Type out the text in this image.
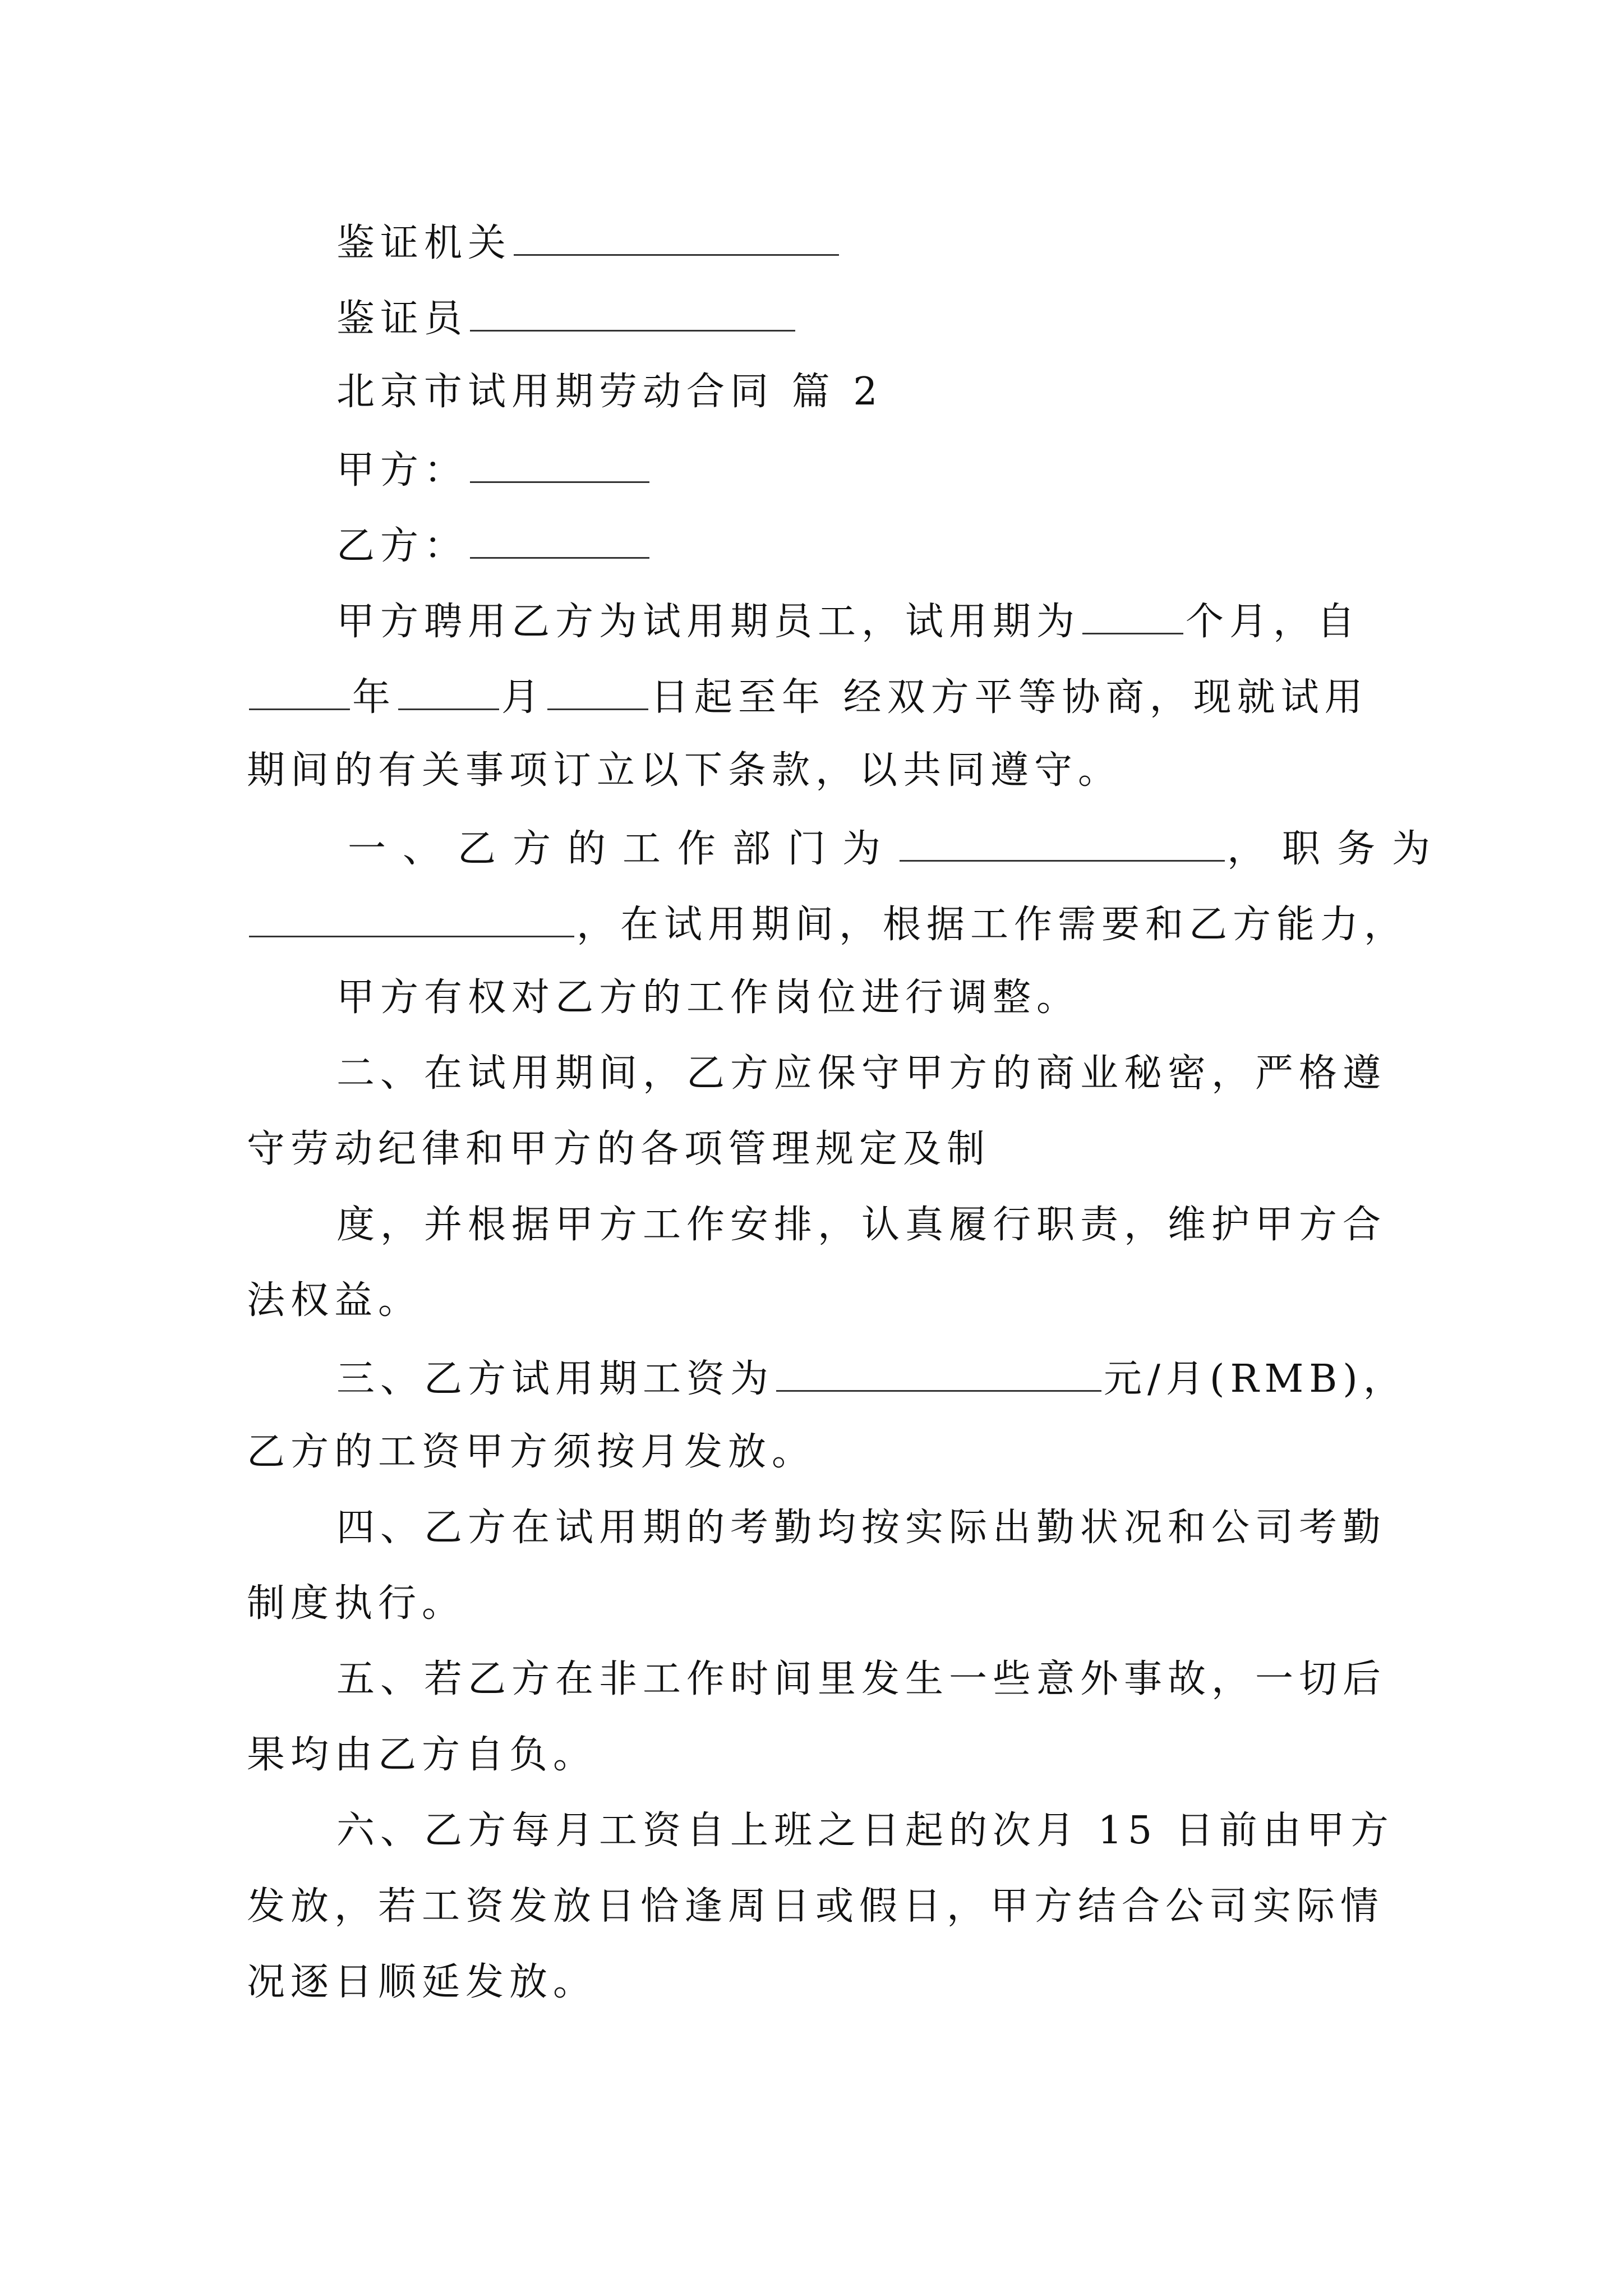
鉴证机关
鉴证员
北京市试用期劳动合同 篇 2
甲方：
乙方：
甲方聘用乙方为试用期员工，试用期为	个月，自
年	月	日起至年 经双方平等协商，现就试用
期间的有关事项订立以下条款，以共同遵守。
一、乙方的工作部门为	，职务为
，在试用期间，根据工作需要和乙方能力，
甲方有权对乙方的工作岗位进行调整。
二、在试用期间，乙方应保守甲方的商业秘密，严格遵
守劳动纪律和甲方的各项管理规定及制
度，并根据甲方工作安排，认真履行职责，维护甲方合
法权益。
三、乙方试用期工资为	元/月(RMB)，
乙方的工资甲方须按月发放。
四、乙方在试用期的考勤均按实际出勤状况和公司考勤
制度执行。
五、若乙方在非工作时间里发生一些意外事故，一切后
果均由乙方自负。
六、乙方每月工资自上班之日起的次月 15 日前由甲方
发放，若工资发放日恰逢周日或假日，甲方结合公司实际情
况逐日顺延发放。
